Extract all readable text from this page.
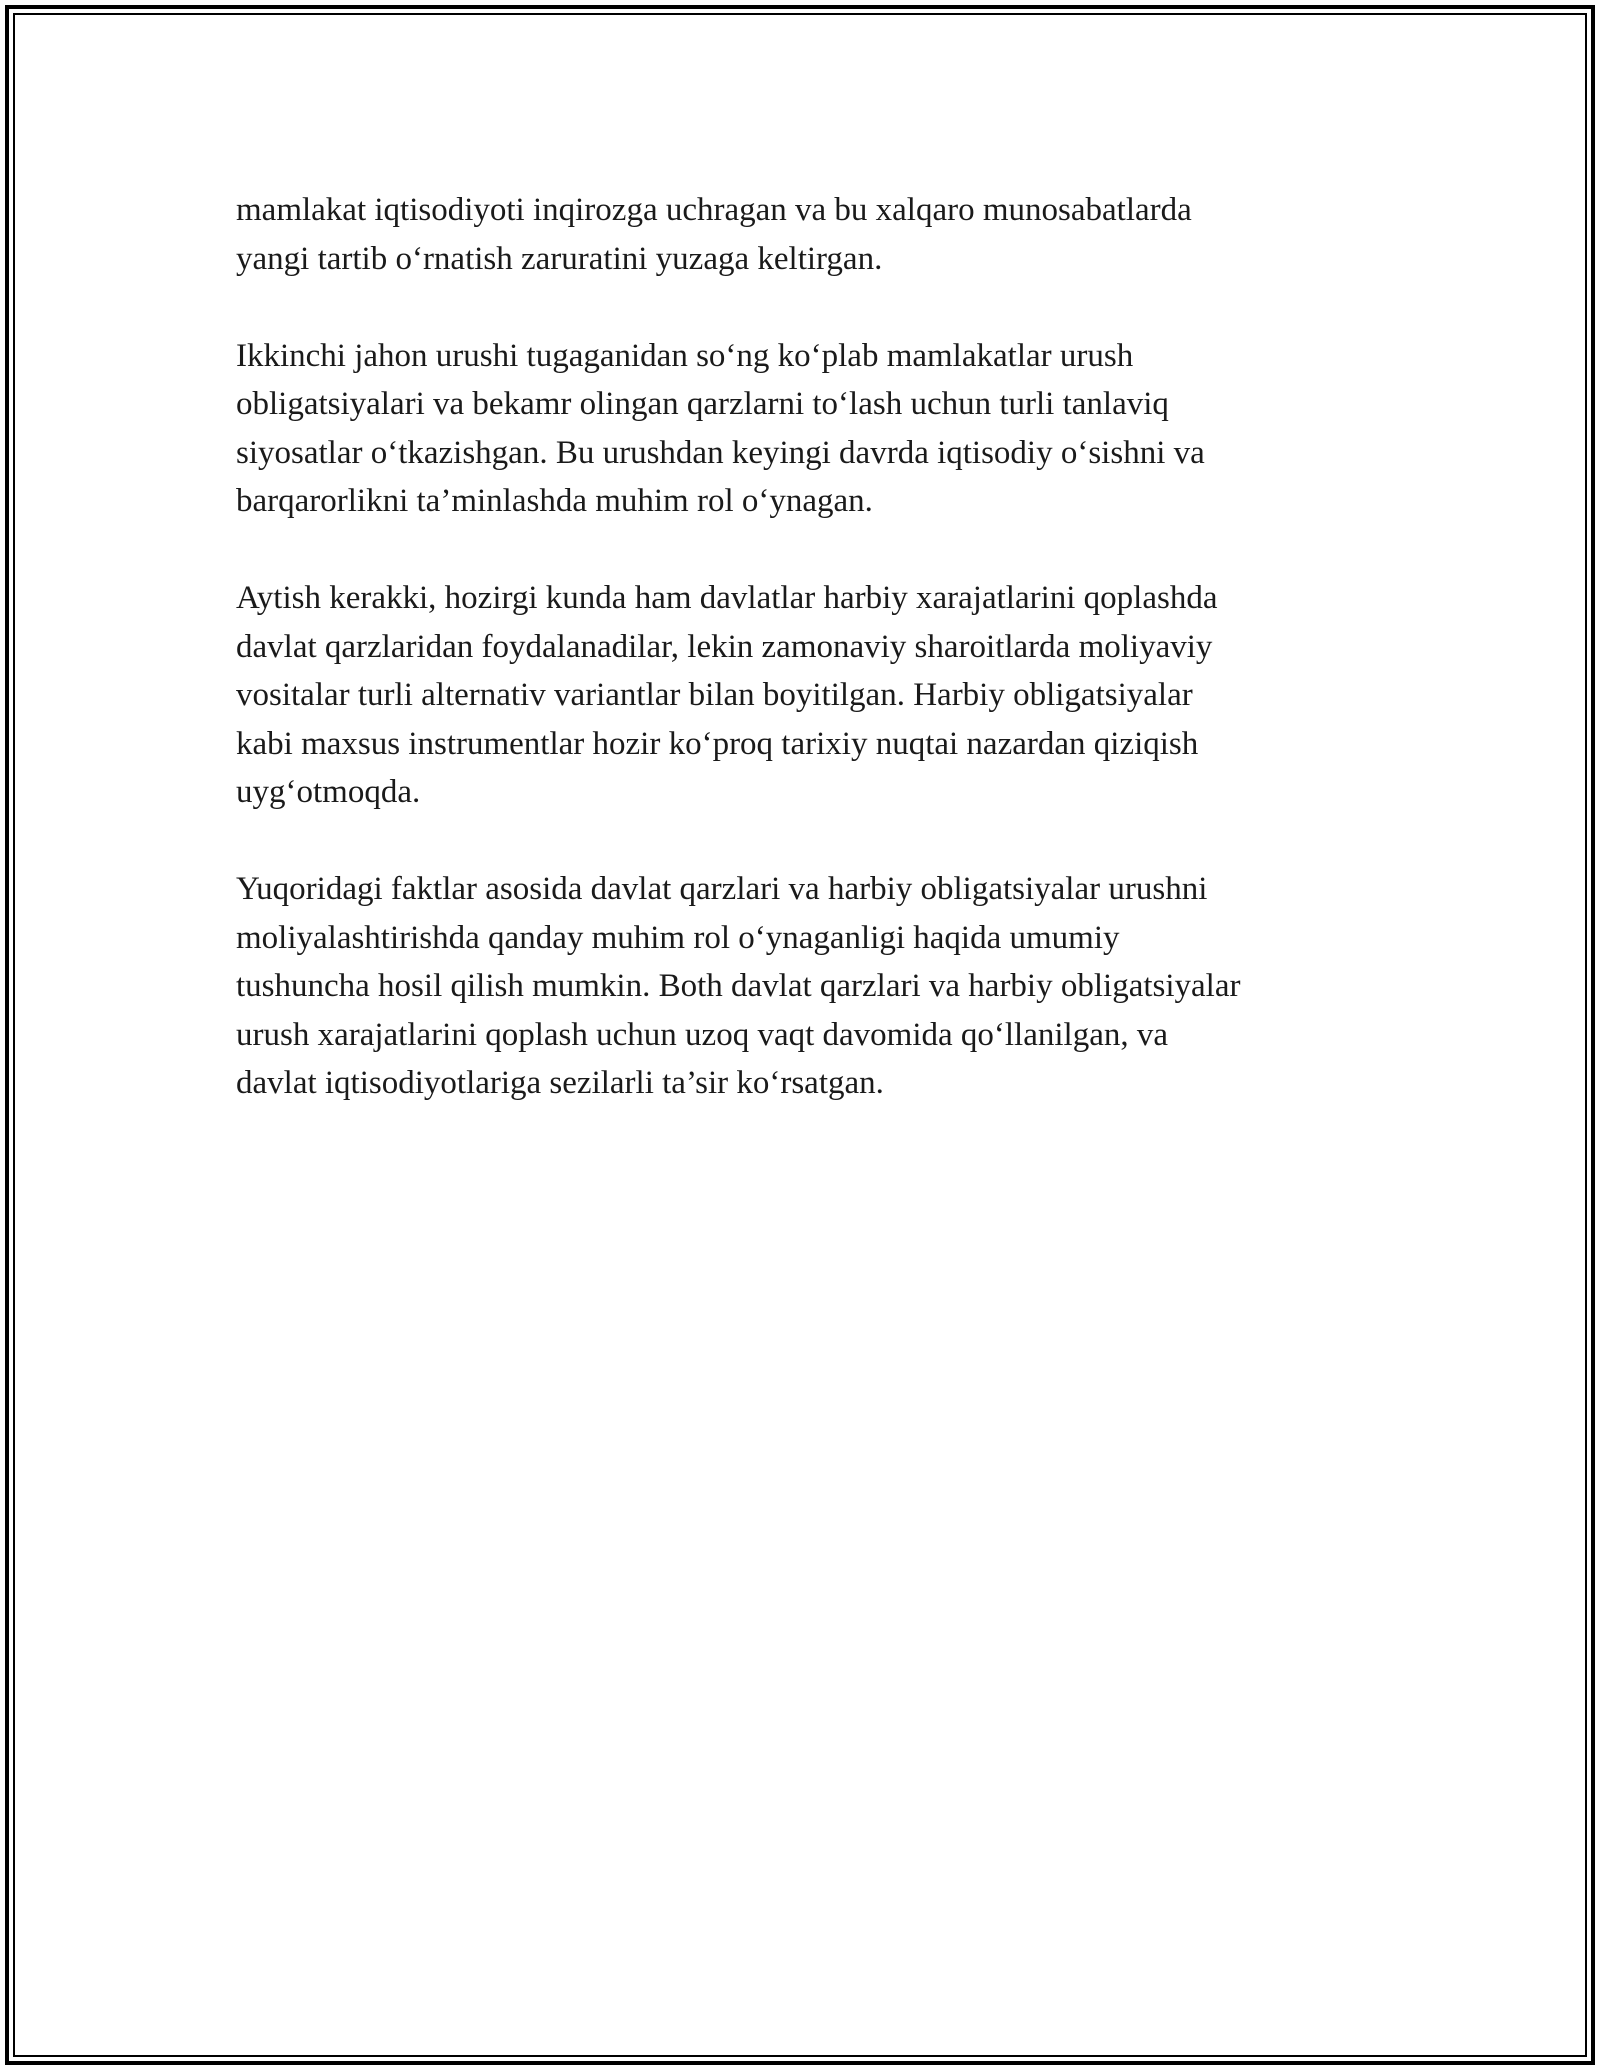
mamlakat iqtisodiyoti inqirozga uchragan va bu xalqaro munosabatlarda
yangi tartib o‘rnatish zaruratini yuzaga keltirgan.

Ikkinchi jahon urushi tugaganidan so‘ng ko‘plab mamlakatlar urush
obligatsiyalari va bekamr olingan qarzlarni to‘lash uchun turli tanlaviq
siyosatlar o‘tkazishgan. Bu urushdan keyingi davrda iqtisodiy o‘sishni va
barqarorlikni ta’minlashda muhim rol o‘ynagan.

Aytish kerakki, hozirgi kunda ham davlatlar harbiy xarajatlarini qoplashda
davlat qarzlaridan foydalanadilar, lekin zamonaviy sharoitlarda moliyaviy
vositalar turli alternativ variantlar bilan boyitilgan. Harbiy obligatsiyalar
kabi maxsus instrumentlar hozir ko‘proq tarixiy nuqtai nazardan qiziqish
uyg‘otmoqda.

Yuqoridagi faktlar asosida davlat qarzlari va harbiy obligatsiyalar urushni
moliyalashtirishda qanday muhim rol o‘ynaganligi haqida umumiy
tushuncha hosil qilish mumkin. Both davlat qarzlari va harbiy obligatsiyalar
urush xarajatlarini qoplash uchun uzoq vaqt davomida qo‘llanilgan, va
davlat iqtisodiyotlariga sezilarli ta’sir ko‘rsatgan.
